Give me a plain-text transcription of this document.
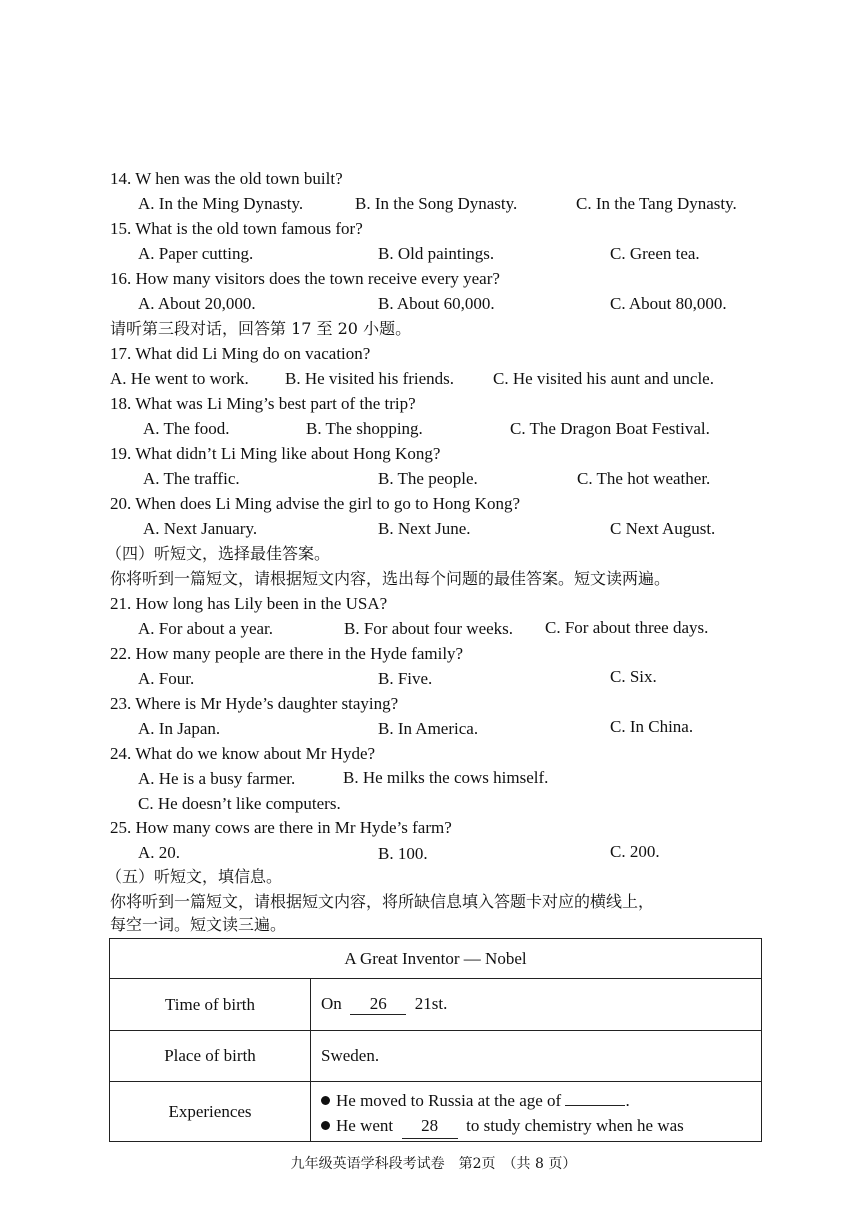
14. W hen was the old town built?
A. In the Ming Dynasty.	B. In the Song Dynasty.	C. In the Tang Dynasty.
15. What is the old town famous for?
A. Paper cutting.	B. Old paintings.	C. Green tea.
16. How many visitors does the town receive every year?
A. About 20,000.	B. About 60,000.	C. About 80,000.
请听第三段对话，回答第 17 至 20 小题。
17. What did Li Ming do on vacation?
A. He went to work. B. He visited his friends. C. He visited his aunt and uncle.
18. What was Li Ming’s best part of the trip?
A. The food.	B. The shopping.	C. The Dragon Boat Festival.
19. What didn’t Li Ming like about Hong Kong?
A. The traffic.	B. The people.	C. The hot weather.
20. When does Li Ming advise the girl to go to Hong Kong?
A. Next January.	B. Next June.	C Next August.
（四）听短文，选择最佳答案。
你将听到一篇短文，请根据短文内容，选出每个问题的最佳答案。短文读两遍。
21. How long has Lily been in the USA?
A. For about a year.	B. For about four weeks. C. For about three days.
22. How many people are there in the Hyde family?
A. Four.	B. Five.	C. Six.
23. Where is Mr Hyde’s daughter staying?
A. In Japan.	B. In America.	C. In China.
24. What do we know about Mr Hyde?
A. He is a busy farmer.	B. He milks the cows himself.
C. He doesn’t like computers.
25. How many cows are there in Mr Hyde’s farm?
A. 20.	B. 100.	C. 200.
（五）听短文，填信息。
你将听到一篇短文，请根据短文内容，将所缺信息填入答题卡对应的横线上，
每空一词。短文读三遍。
A Great Inventor — Nobel	
Time of birth	On 26 21st.
Place of birth	Sweden.
Experiences	He moved to Russia at the age of .
He went 28 to study chemistry when he was
九年级英语学科段考试卷　第2页　（共 8 页）
